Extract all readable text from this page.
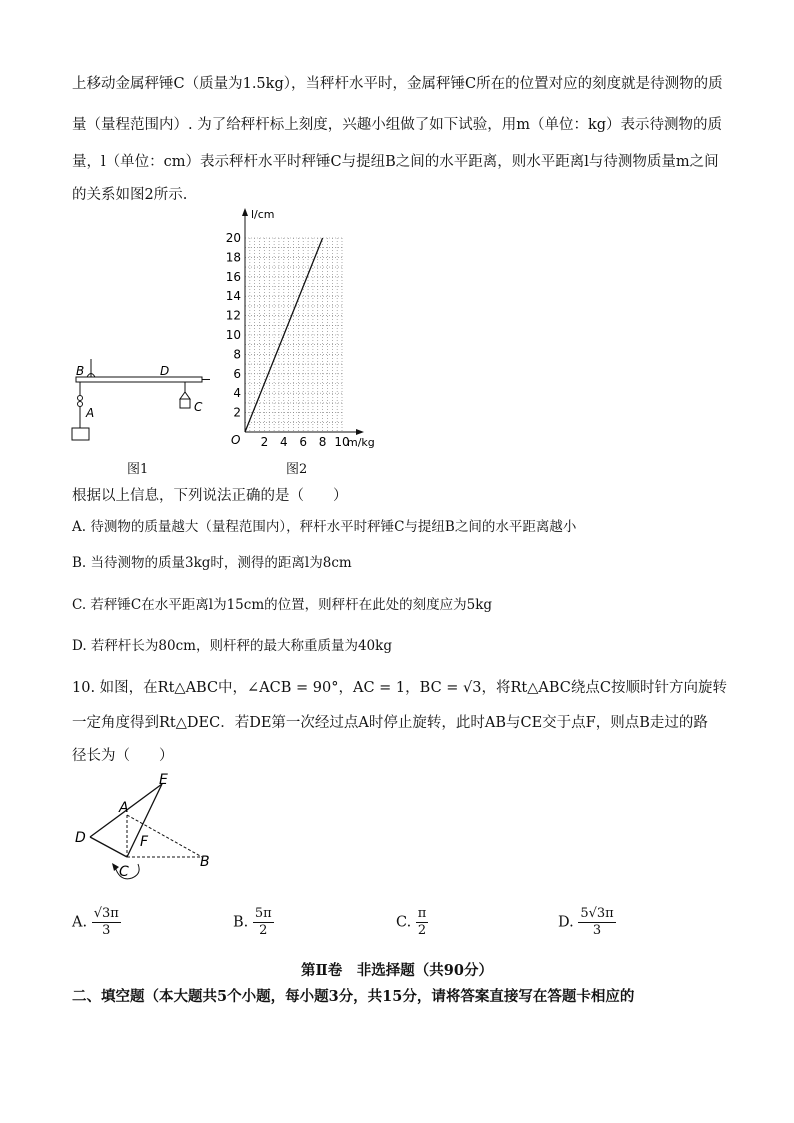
上移动金属秤锤C（质量为1.5kg），当秤杆水平时，金属秤锤C所在的位置对应的刻度就是待测物的质
量（量程范围内）. 为了给秤杆标上刻度，兴趣小组做了如下试验，用m（单位：kg）表示待测物的质
量，l（单位：cm）表示秤杆水平时秤锤C与提纽B之间的水平距离，则水平距离l与待测物质量m之间
的关系如图2所示.
B	D
A	C
图1
2 4 6 8 10
2
4
6
8
10
12
14
16
18
20
l/cm
m/kg
O
图2
根据以上信息，下列说法正确的是（　　）
A. 待测物的质量越大（量程范围内），秤杆水平时秤锤C与提纽B之间的水平距离越小
B. 当待测物的质量3kg时，测得的距离l为8cm
C. 若秤锤C在水平距离l为15cm的位置，则秤杆在此处的刻度应为5kg
D. 若秤杆长为80cm，则杆秤的最大称重质量为40kg
10. 如图，在Rt△ABC中，∠ACB = 90°，AC = 1，BC = √3，将Rt△ABC绕点C按顺时针方向旋转
一定角度得到Rt△DEC．若DE第一次经过点A时停止旋转，此时AB与CE交于点F，则点B走过的路
径长为（　　）
E
A
D	F
C
B
A. $\frac{√3\pi}{3}$	B. $\frac{5\pi}{2}$	C. $\frac{\pi}{2}$	D. $\frac{5√3\pi}{3}$
第Ⅱ卷　非选择题（共90分）
二、填空题（本大题共5个小题，每小题3分，共15分，请将答案直接写在答题卡相应的
